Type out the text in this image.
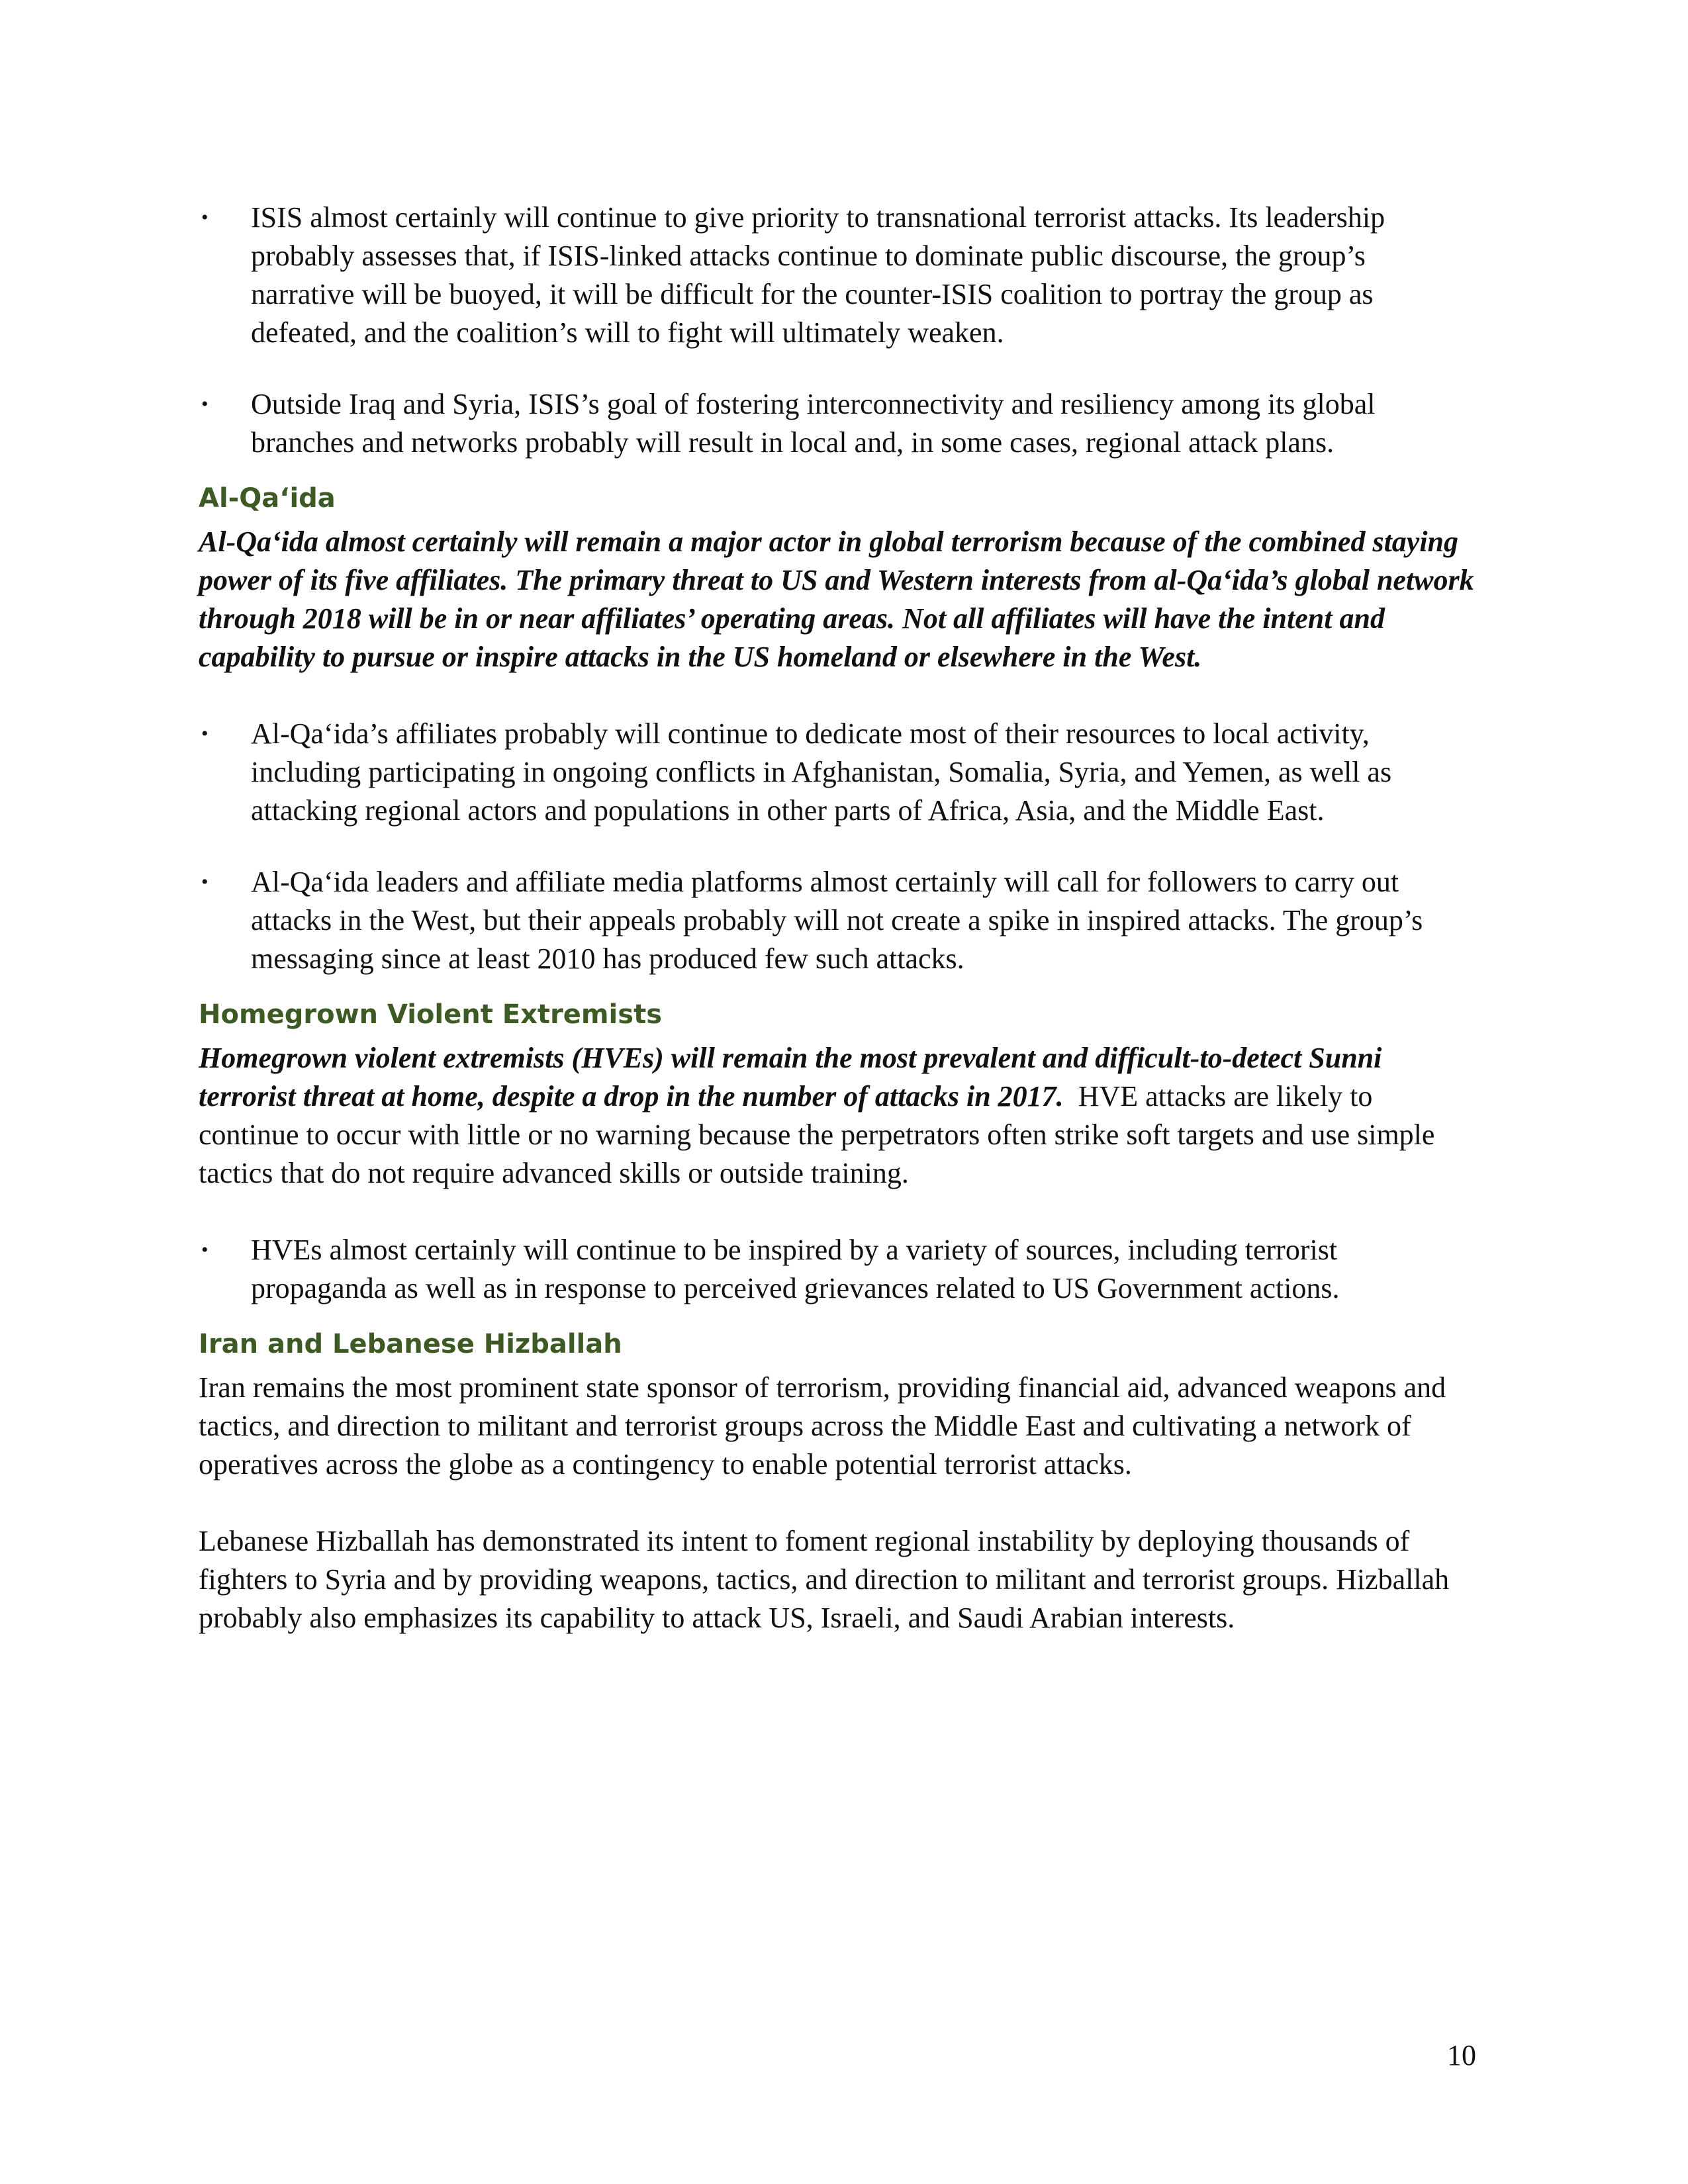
•	ISIS almost certainly will continue to give priority to transnational terrorist attacks. Its leadership probably assesses that, if ISIS-linked attacks continue to dominate public discourse, the group’s narrative will be buoyed, it will be difficult for the counter-ISIS coalition to portray the group as defeated, and the coalition’s will to fight will ultimately weaken.
•	Outside Iraq and Syria, ISIS’s goal of fostering interconnectivity and resiliency among its global branches and networks probably will result in local and, in some cases, regional attack plans.
Al-Qa‘ida

Al-Qa‘ida almost certainly will remain a major actor in global terrorism because of the combined staying power of its five affiliates. The primary threat to US and Western interests from al-Qa‘ida’s global network through 2018 will be in or near affiliates’ operating areas. Not all affiliates will have the intent and capability to pursue or inspire attacks in the US homeland or elsewhere in the West.

•	Al-Qa‘ida’s affiliates probably will continue to dedicate most of their resources to local activity, including participating in ongoing conflicts in Afghanistan, Somalia, Syria, and Yemen, as well as attacking regional actors and populations in other parts of Africa, Asia, and the Middle East.
•	Al-Qa‘ida leaders and affiliate media platforms almost certainly will call for followers to carry out attacks in the West, but their appeals probably will not create a spike in inspired attacks. The group’s messaging since at least 2010 has produced few such attacks.
Homegrown Violent Extremists

Homegrown violent extremists (HVEs) will remain the most prevalent and difficult-to-detect Sunni terrorist threat at home, despite a drop in the number of attacks in 2017.  HVE attacks are likely to continue to occur with little or no warning because the perpetrators often strike soft targets and use simple tactics that do not require advanced skills or outside training.

•	HVEs almost certainly will continue to be inspired by a variety of sources, including terrorist propaganda as well as in response to perceived grievances related to US Government actions.
Iran and Lebanese Hizballah

Iran remains the most prominent state sponsor of terrorism, providing financial aid, advanced weapons and tactics, and direction to militant and terrorist groups across the Middle East and cultivating a network of operatives across the globe as a contingency to enable potential terrorist attacks.

Lebanese Hizballah has demonstrated its intent to foment regional instability by deploying thousands of fighters to Syria and by providing weapons, tactics, and direction to militant and terrorist groups. Hizballah probably also emphasizes its capability to attack US, Israeli, and Saudi Arabian interests.

10
